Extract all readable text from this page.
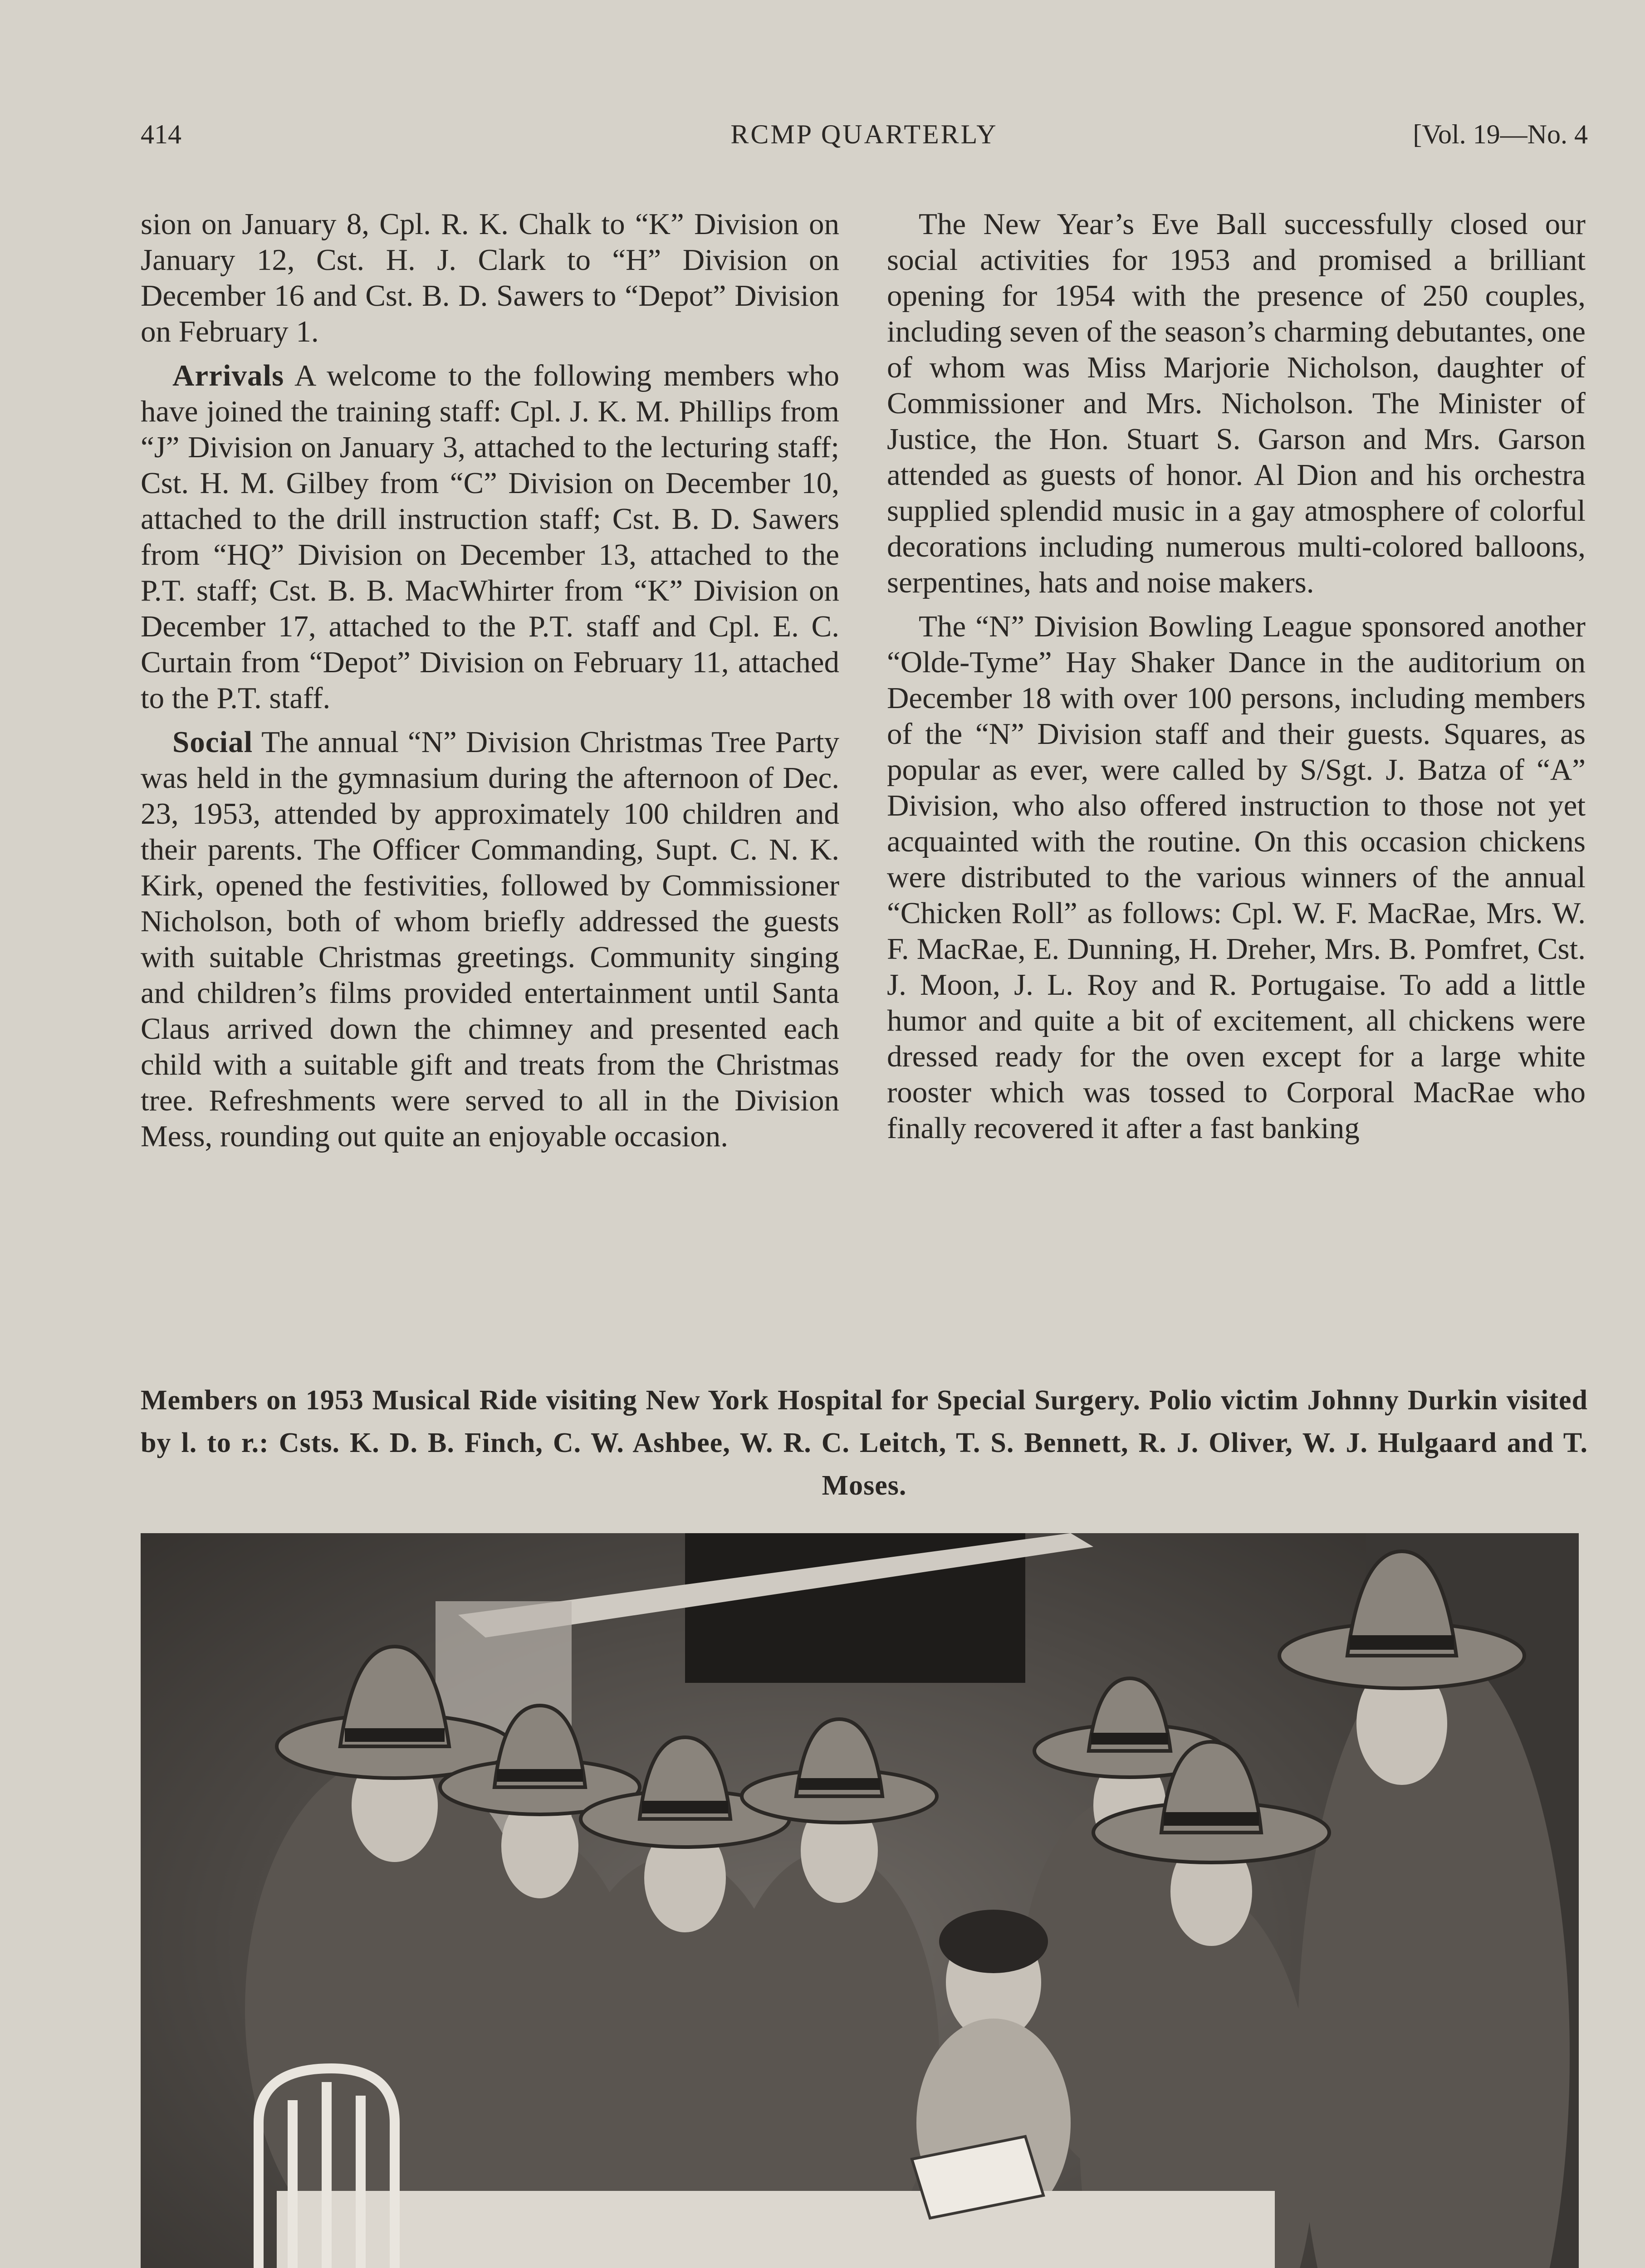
414	RCMP QUARTERLY	[Vol. 19—No. 4

sion on January 8, Cpl. R. K. Chalk to “K” Division on January 12, Cst. H. J. Clark to “H” Division on December 16 and Cst. B. D. Sawers to “Depot” Division on February 1.

Arrivals A welcome to the following members who have joined the training staff: Cpl. J. K. M. Phillips from “J” Division on January 3, attached to the lecturing staff; Cst. H. M. Gilbey from “C” Division on December 10, attached to the drill instruction staff; Cst. B. D. Sawers from “HQ” Division on December 13, attached to the P.T. staff; Cst. B. B. MacWhirter from “K” Division on December 17, attached to the P.T. staff and Cpl. E. C. Curtain from “Depot” Division on February 11, attached to the P.T. staff.

Social The annual “N” Division Christmas Tree Party was held in the gymnasium during the afternoon of Dec. 23, 1953, attended by approximately 100 children and their parents. The Officer Commanding, Supt. C. N. K. Kirk, opened the festivities, followed by Commissioner Nicholson, both of whom briefly addressed the guests with suitable Christmas greetings. Community singing and children’s films provided entertainment until Santa Claus arrived down the chimney and presented each child with a suitable gift and treats from the Christmas tree. Refreshments were served to all in the Division Mess, rounding out quite an enjoyable occasion.

The New Year’s Eve Ball successfully closed our social activities for 1953 and promised a brilliant opening for 1954 with the presence of 250 couples, including seven of the season’s charming debutantes, one of whom was Miss Marjorie Nicholson, daughter of Commissioner and Mrs. Nicholson. The Minister of Justice, the Hon. Stuart S. Garson and Mrs. Garson attended as guests of honor. Al Dion and his orchestra supplied splendid music in a gay atmosphere of colorful decorations including numerous multi-colored balloons, serpentines, hats and noise makers.

The “N” Division Bowling League sponsored another “Olde-Tyme” Hay Shaker Dance in the auditorium on December 18 with over 100 persons, including members of the “N” Division staff and their guests. Squares, as popular as ever, were called by S/Sgt. J. Batza of “A” Division, who also offered instruction to those not yet acquainted with the routine. On this occasion chickens were distributed to the various winners of the annual “Chicken Roll” as follows: Cpl. W. F. MacRae, Mrs. W. F. MacRae, E. Dunning, H. Dreher, Mrs. B. Pomfret, Cst. J. Moon, J. L. Roy and R. Portugaise. To add a little humor and quite a bit of excitement, all chickens were dressed ready for the oven except for a large white rooster which was tossed to Corporal MacRae who finally recovered it after a fast banking

Members on 1953 Musical Ride visiting New York Hospital for Special Surgery. Polio victim Johnny Durkin visited by l. to r.: Csts. K. D. B. Finch, C. W. Ashbee, W. R. C. Leitch, T. S. Bennett, R. J. Oliver, W. J. Hulgaard and T. Moses.
